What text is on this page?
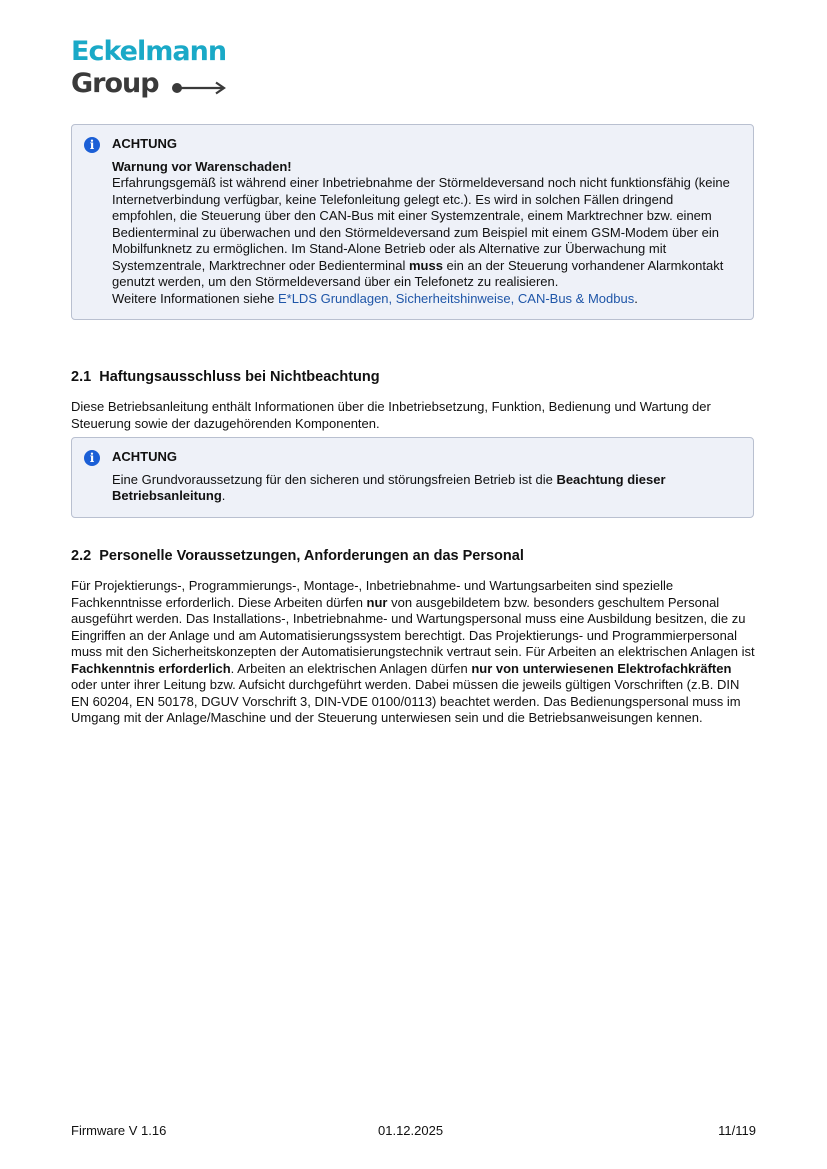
Eckelmann
Group
i	ACHTUNG

Warnung vor Warenschaden!
Erfahrungsgemäß ist während einer Inbetriebnahme der Störmeldeversand noch nicht funktionsfähig (keine Internetverbindung verfügbar, keine Telefonleitung gelegt etc.). Es wird in solchen Fällen dringend empfohlen, die Steuerung über den CAN-Bus mit einer Systemzentrale, einem Marktrechner bzw. einem Bedienterminal zu überwachen und den Störmeldeversand zum Beispiel mit einem GSM-Modem über ein Mobilfunknetz zu ermöglichen. Im Stand-Alone Betrieb oder als Alternative zur Überwachung mit Systemzentrale, Marktrechner oder Bedienterminal muss ein an der Steuerung vorhandener Alarmkontakt genutzt werden, um den Störmeldeversand über ein Telefonetz zu realisieren.
Weitere Informationen siehe E*LDS Grundlagen, Sicherheitshinweise, CAN-Bus & Modbus.

2.1 Haftungsausschluss bei Nichtbeachtung

Diese Betriebsanleitung enthält Informationen über die Inbetriebsetzung, Funktion, Bedienung und Wartung der Steuerung sowie der dazugehörenden Komponenten.

i	ACHTUNG

Eine Grundvoraussetzung für den sicheren und störungsfreien Betrieb ist die Beachtung dieser Betriebsanleitung.

2.2 Personelle Voraussetzungen, Anforderungen an das Personal

Für Projektierungs-, Programmierungs-, Montage-, Inbetriebnahme- und Wartungsarbeiten sind spezielle Fachkenntnisse erforderlich. Diese Arbeiten dürfen nur von ausgebildetem bzw. besonders geschultem Personal ausgeführt werden. Das Installations-, Inbetriebnahme- und Wartungspersonal muss eine Ausbildung besitzen, die zu Eingriffen an der Anlage und am Automatisierungssystem berechtigt. Das Projektierungs- und Programmierpersonal muss mit den Sicherheitskonzepten der Automatisierungstechnik vertraut sein. Für Arbeiten an elektrischen Anlagen ist Fachkenntnis erforderlich. Arbeiten an elektrischen Anlagen dürfen nur von unterwiesenen Elektrofachkräften oder unter ihrer Leitung bzw. Aufsicht durchgeführt werden. Dabei müssen die jeweils gültigen Vorschriften (z.B. DIN EN 60204, EN 50178, DGUV Vorschrift 3, DIN-VDE 0100/0113) beachtet werden. Das Bedienungspersonal muss im Umgang mit der Anlage/Maschine und der Steuerung unterwiesen sein und die Betriebsanweisungen kennen.

Firmware V 1.16	01.12.2025	11/119
